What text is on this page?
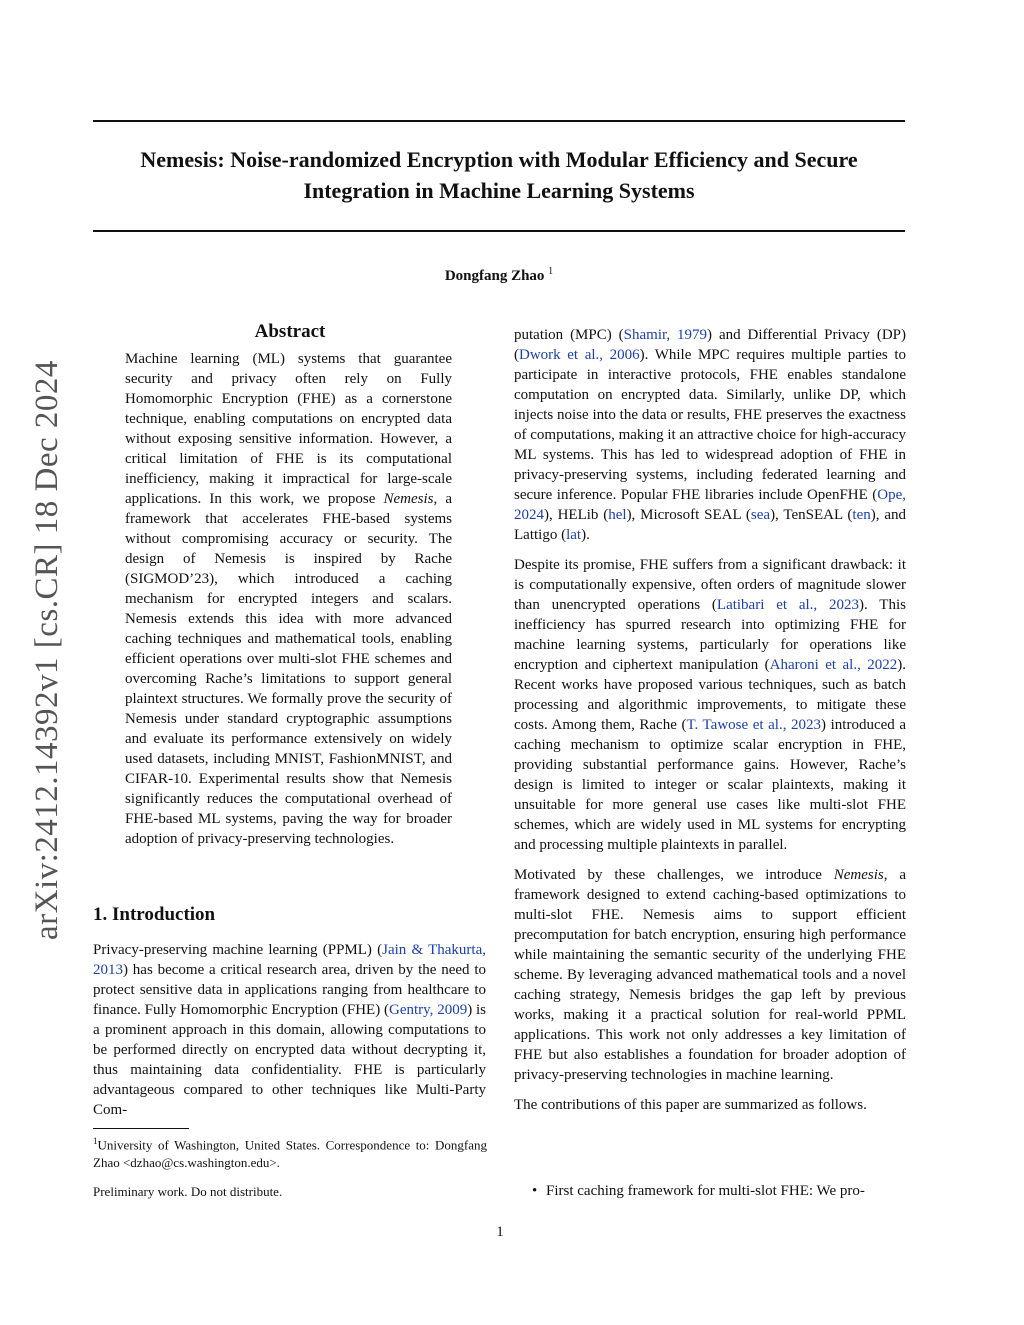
Nemesis: Noise-randomized Encryption with Modular Efficiency and Secure Integration in Machine Learning Systems
Dongfang Zhao $^1$
arXiv:2412.14392v1 [cs.CR] 18 Dec 2024
Abstract

Machine learning (ML) systems that guarantee security and privacy often rely on Fully Homomorphic Encryption (FHE) as a cornerstone technique, enabling computations on encrypted data without exposing sensitive information. However, a critical limitation of FHE is its computational inefficiency, making it impractical for large-scale applications. In this work, we propose Nemesis, a framework that accelerates FHE-based systems without compromising accuracy or security. The design of Nemesis is inspired by Rache (SIGMOD’23), which introduced a caching mechanism for encrypted integers and scalars. Nemesis extends this idea with more advanced caching techniques and mathematical tools, enabling efficient operations over multi-slot FHE schemes and overcoming Rache’s limitations to support general plaintext structures. We formally prove the security of Nemesis under standard cryptographic assumptions and evaluate its performance extensively on widely used datasets, including MNIST, FashionMNIST, and CIFAR-10. Experimental results show that Nemesis significantly reduces the computational overhead of FHE-based ML systems, paving the way for broader adoption of privacy-preserving technologies.

1. Introduction

Privacy-preserving machine learning (PPML) (Jain & Thakurta, 2013) has become a critical research area, driven by the need to protect sensitive data in applications ranging from healthcare to finance. Fully Homomorphic Encryption (FHE) (Gentry, 2009) is a prominent approach in this domain, allowing computations to be performed directly on encrypted data without decrypting it, thus maintaining data confidentiality. FHE is particularly advantageous compared to other techniques like Multi-Party Com-

putation (MPC) (Shamir, 1979) and Differential Privacy (DP) (Dwork et al., 2006). While MPC requires multiple parties to participate in interactive protocols, FHE enables standalone computation on encrypted data. Similarly, unlike DP, which injects noise into the data or results, FHE preserves the exactness of computations, making it an attractive choice for high-accuracy ML systems. This has led to widespread adoption of FHE in privacy-preserving systems, including federated learning and secure inference. Popular FHE libraries include OpenFHE (Ope, 2024), HELib (hel), Microsoft SEAL (sea), TenSEAL (ten), and Lattigo (lat).

Despite its promise, FHE suffers from a significant drawback: it is computationally expensive, often orders of magnitude slower than unencrypted operations (Latibari et al., 2023). This inefficiency has spurred research into optimizing FHE for machine learning systems, particularly for operations like encryption and ciphertext manipulation (Aharoni et al., 2022). Recent works have proposed various techniques, such as batch processing and algorithmic improvements, to mitigate these costs. Among them, Rache (T. Tawose et al., 2023) introduced a caching mechanism to optimize scalar encryption in FHE, providing substantial performance gains. However, Rache’s design is limited to integer or scalar plaintexts, making it unsuitable for more general use cases like multi-slot FHE schemes, which are widely used in ML systems for encrypting and processing multiple plaintexts in parallel.

Motivated by these challenges, we introduce Nemesis, a framework designed to extend caching-based optimizations to multi-slot FHE. Nemesis aims to support efficient precomputation for batch encryption, ensuring high performance while maintaining the semantic security of the underlying FHE scheme. By leveraging advanced mathematical tools and a novel caching strategy, Nemesis bridges the gap left by previous works, making it a practical solution for real-world PPML applications. This work not only addresses a key limitation of FHE but also establishes a foundation for broader adoption of privacy-preserving technologies in machine learning.

The contributions of this paper are summarized as follows.

• First caching framework for multi-slot FHE: We pro-
$^1$University of Washington, United States. Correspondence to: Dongfang Zhao <dzhao@cs.washington.edu>.
Preliminary work. Do not distribute.
1
